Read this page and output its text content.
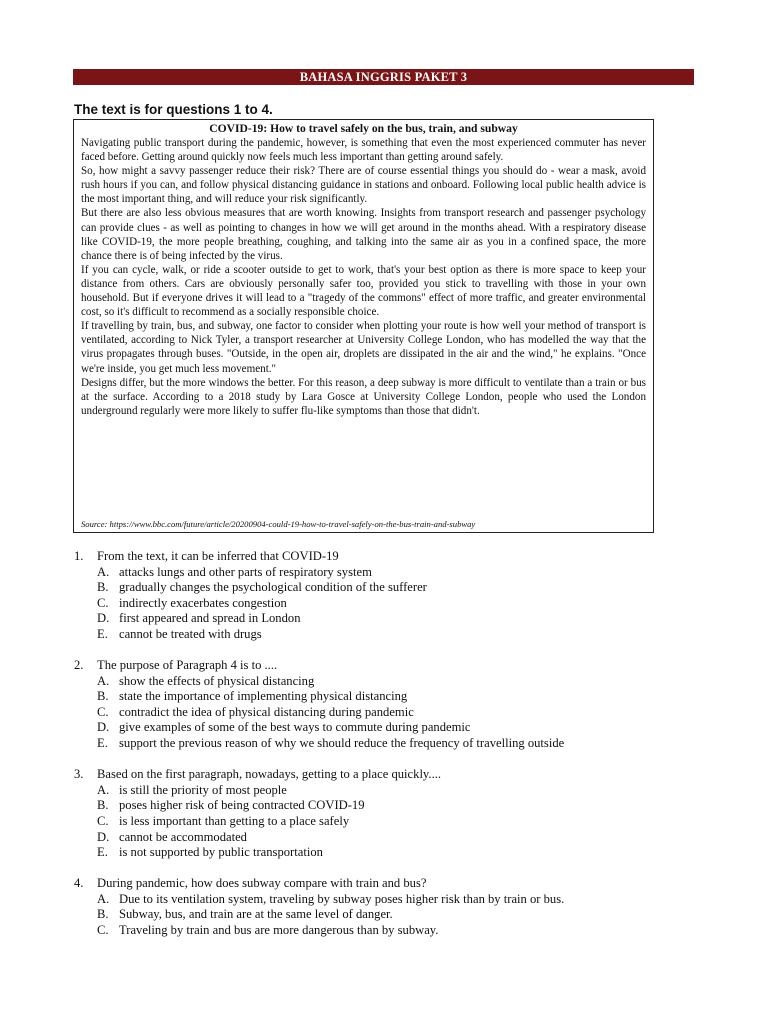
BAHASA INGGRIS PAKET 3
The text is for questions 1 to 4.
COVID-19: How to travel safely on the bus, train, and subway

Navigating public transport during the pandemic, however, is something that even the most experienced commuter has never faced before. Getting around quickly now feels much less important than getting around safely.

So, how might a savvy passenger reduce their risk? There are of course essential things you should do - wear a mask, avoid rush hours if you can, and follow physical distancing guidance in stations and onboard. Following local public health advice is the most important thing, and will reduce your risk significantly.

But there are also less obvious measures that are worth knowing. Insights from transport research and passenger psychology can provide clues - as well as pointing to changes in how we will get around in the months ahead. With a respiratory disease like COVID-19, the more people breathing, coughing, and talking into the same air as you in a confined space, the more chance there is of being infected by the virus.

If you can cycle, walk, or ride a scooter outside to get to work, that's your best option as there is more space to keep your distance from others. Cars are obviously personally safer too, provided you stick to travelling with those in your own household. But if everyone drives it will lead to a "tragedy of the commons" effect of more traffic, and greater environmental cost, so it's difficult to recommend as a socially responsible choice.

If travelling by train, bus, and subway, one factor to consider when plotting your route is how well your method of transport is ventilated, according to Nick Tyler, a transport researcher at University College London, who has modelled the way that the virus propagates through buses. "Outside, in the open air, droplets are dissipated in the air and the wind," he explains. "Once we're inside, you get much less movement."

Designs differ, but the more windows the better. For this reason, a deep subway is more difficult to ventilate than a train or bus at the surface. According to a 2018 study by Lara Gosce at University College London, people who used the London underground regularly were more likely to suffer flu-like symptoms than those that didn't.

Source: https://www.bbc.com/future/article/20200904-could-19-how-to-travel-safely-on-the-bus-train-and-subway
1.	From the text, it can be inferred that COVID-19
A. attacks lungs and other parts of respiratory system
B. gradually changes the psychological condition of the sufferer
C. indirectly exacerbates congestion
D. first appeared and spread in London
E. cannot be treated with drugs
2.	The purpose of Paragraph 4 is to ....
A. show the effects of physical distancing
B. state the importance of implementing physical distancing
C. contradict the idea of physical distancing during pandemic
D. give examples of some of the best ways to commute during pandemic
E. support the previous reason of why we should reduce the frequency of travelling outside
3.	Based on the first paragraph, nowadays, getting to a place quickly....
A. is still the priority of most people
B. poses higher risk of being contracted COVID-19
C. is less important than getting to a place safely
D. cannot be accommodated
E. is not supported by public transportation
4.	During pandemic, how does subway compare with train and bus?
A. Due to its ventilation system, traveling by subway poses higher risk than by train or bus.
B. Subway, bus, and train are at the same level of danger.
C. Traveling by train and bus are more dangerous than by subway.
